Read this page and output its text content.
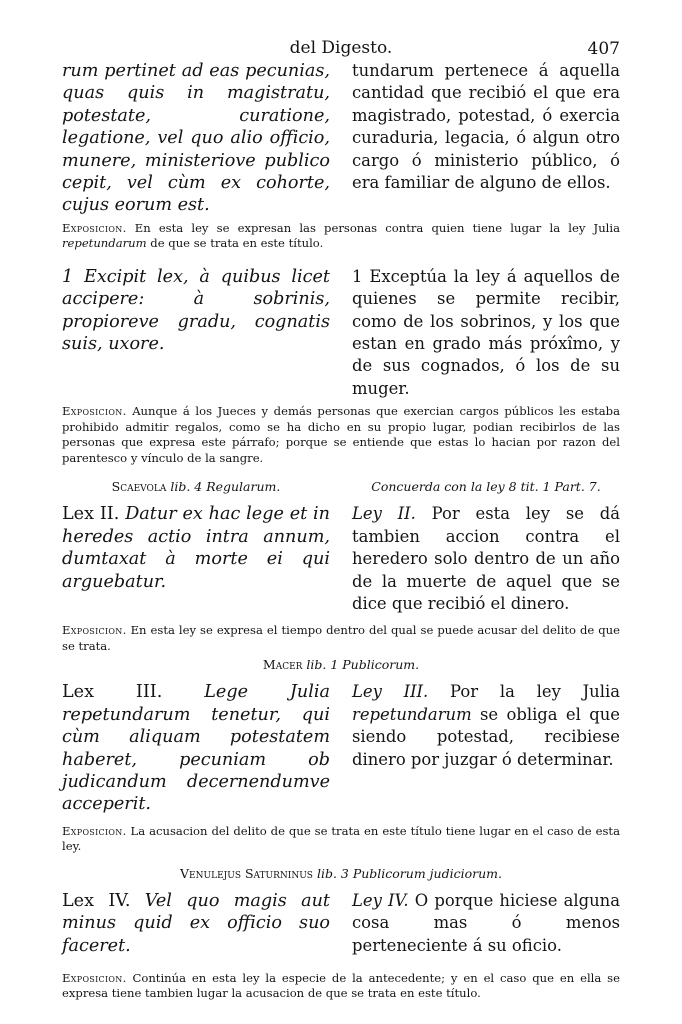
del Digesto.	407
rum pertinet ad eas pecunias, quas quis in magistratu, potestate, curatione, legatione, vel quo alio officio, munere, ministeriove publico cepit, vel cùm ex cohorte, cujus eorum est.
tundarum pertenece á aquella cantidad que recibió el que era magistrado, potestad, ó exercia curaduria, legacia, ó algun otro cargo ó ministerio público, ó era familiar de alguno de ellos.
Exposicion. En esta ley se expresan las personas contra quien tiene lugar la ley Julia repetundarum de que se trata en este título.
1 Excipit lex, à quibus licet accipere: à sobrinis, propioreve gradu, cognatis suis, uxore.
1 Exceptúa la ley á aquellos de quienes se permite recibir, como de los sobrinos, y los que estan en grado más próxîmo, y de sus cognados, ó los de su muger.
Exposicion. Aunque á los Jueces y demás personas que exercian cargos públicos les estaba prohibido admitir regalos, como se ha dicho en su propio lugar, podian recibirlos de las personas que expresa este párrafo; porque se entiende que estas lo hacian por razon del parentesco y vínculo de la sangre.
Scaevola lib. 4 Regularum.	Concuerda con la ley 8 tit. 1 Part. 7.
Lex II. Datur ex hac lege et in heredes actio intra annum, dumtaxat à morte ei qui arguebatur.
Ley II. Por esta ley se dá tambien accion contra el heredero solo dentro de un año de la muerte de aquel que se dice que recibió el dinero.
Exposicion. En esta ley se expresa el tiempo dentro del qual se puede acusar del delito de que se trata.
Macer lib. 1 Publicorum.
Lex III. Lege Julia repetundarum tenetur, qui cùm aliquam potestatem haberet, pecuniam ob judicandum decernendumve acceperit.
Ley III. Por la ley Julia repetundarum se obliga el que siendo potestad, recibiese dinero por juzgar ó determinar.
Exposicion. La acusacion del delito de que se trata en este título tiene lugar en el caso de esta ley.
Venulejus Saturninus lib. 3 Publicorum judiciorum.
Lex IV. Vel quo magis aut minus quid ex officio suo faceret.
Ley IV. O porque hiciese alguna cosa mas ó menos perteneciente á su oficio.
Exposicion. Continúa en esta ley la especie de la antecedente; y en el caso que en ella se expresa tiene tambien lugar la acusacion de que se trata en este título.
